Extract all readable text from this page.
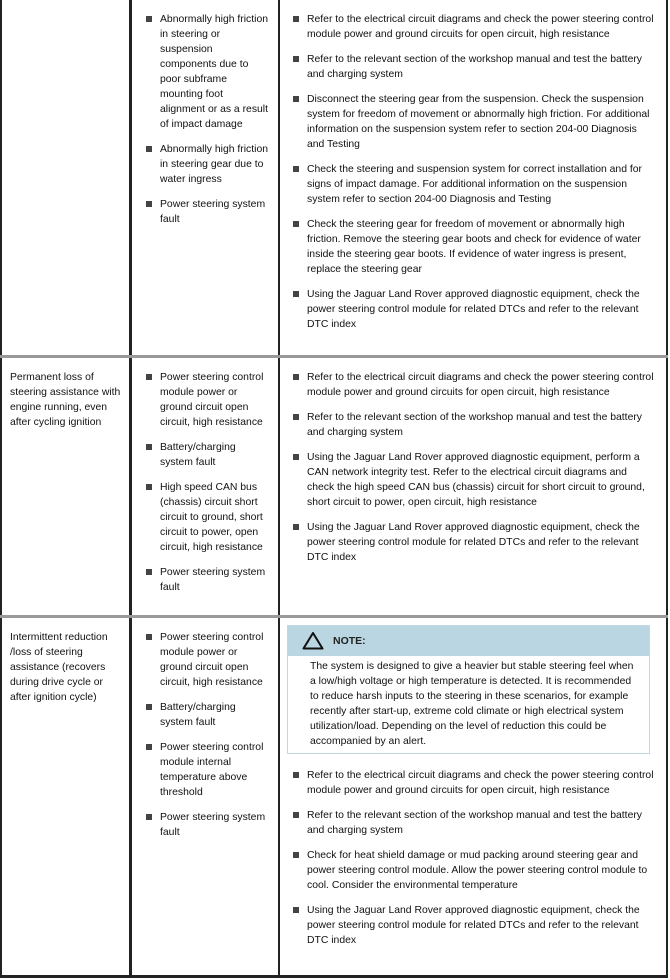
Abnormally high friction in steering or suspension components due to poor subframe mounting foot alignment or as a result of impact damage
Abnormally high friction in steering gear due to water ingress
Power steering system fault
Refer to the electrical circuit diagrams and check the power steering control module power and ground circuits for open circuit, high resistance
Refer to the relevant section of the workshop manual and test the battery and charging system
Disconnect the steering gear from the suspension. Check the suspension system for freedom of movement or abnormally high friction. For additional information on the suspension system refer to section 204-00 Diagnosis and Testing
Check the steering and suspension system for correct installation and for signs of impact damage. For additional information on the suspension system refer to section 204-00 Diagnosis and Testing
Check the steering gear for freedom of movement or abnormally high friction. Remove the steering gear boots and check for evidence of water inside the steering gear boots. If evidence of water ingress is present, replace the steering gear
Using the Jaguar Land Rover approved diagnostic equipment, check the power steering control module for related DTCs and refer to the relevant DTC index
Permanent loss of steering assistance with engine running, even after cycling ignition
Power steering control module power or ground circuit open circuit, high resistance
Battery/charging system fault
High speed CAN bus (chassis) circuit short circuit to ground, short circuit to power, open circuit, high resistance
Power steering system fault
Refer to the electrical circuit diagrams and check the power steering control module power and ground circuits for open circuit, high resistance
Refer to the relevant section of the workshop manual and test the battery and charging system
Using the Jaguar Land Rover approved diagnostic equipment, perform a CAN network integrity test. Refer to the electrical circuit diagrams and check the high speed CAN bus (chassis) circuit for short circuit to ground, short circuit to power, open circuit, high resistance
Using the Jaguar Land Rover approved diagnostic equipment, check the power steering control module for related DTCs and refer to the relevant DTC index
Intermittent reduction /loss of steering assistance (recovers during drive cycle or after ignition cycle)
Power steering control module power or ground circuit open circuit, high resistance
Battery/charging system fault
Power steering control module internal temperature above threshold
Power steering system fault
NOTE:
The system is designed to give a heavier but stable steering feel when a low/high voltage or high temperature is detected. It is recommended to reduce harsh inputs to the steering in these scenarios, for example recently after start-up, extreme cold climate or high electrical system utilization/load. Depending on the level of reduction this could be accompanied by an alert.
Refer to the electrical circuit diagrams and check the power steering control module power and ground circuits for open circuit, high resistance
Refer to the relevant section of the workshop manual and test the battery and charging system
Check for heat shield damage or mud packing around steering gear and power steering control module. Allow the power steering control module to cool. Consider the environmental temperature
Using the Jaguar Land Rover approved diagnostic equipment, check the power steering control module for related DTCs and refer to the relevant DTC index
